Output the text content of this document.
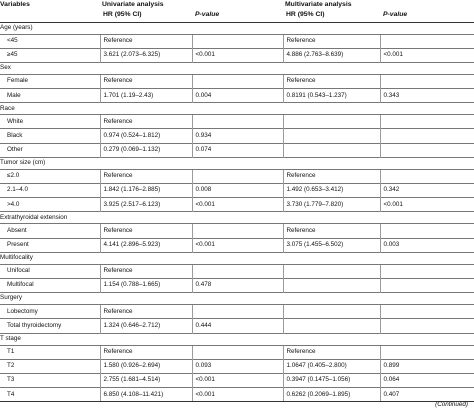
Variables	Univariate analysis		Multivariate analysis	
	HR (95% CI)	P-value	HR (95% CI)	P-value
Age (years)				
<45	Reference		Reference	
≥45	3.621 (2.073–6.325)	<0.001	4.886 (2.763–8.639)	<0.001
Sex				
Female	Reference		Reference	
Male	1.701 (1.19–2.43)	0.004	0.8191 (0.543–1.237)	0.343
Race				
White	Reference			
Black	0.974 (0.524–1.812)	0.934		
Other	0.279 (0.069–1.132)	0.074		
Tumor size (cm)				
≤2.0	Reference		Reference	
2.1–4.0	1.842 (1.176–2.885)	0.008	1.492 (0.653–3.412)	0.342
>4.0	3.925 (2.517–6.123)	<0.001	3.730 (1.779–7.820)	<0.001
Extrathyroidal extension				
Absent	Reference		Reference	
Present	4.141 (2.896–5.923)	<0.001	3.075 (1.455–6.502)	0.003
Multifocality				
Unifocal	Reference			
Multifocal	1.154 (0.788–1.665)	0.478		
Surgery				
Lobectomy	Reference			
Total thyroidectomy	1.324 (0.646–2.712)	0.444		
T stage				
T1	Reference		Reference	
T2	1.580 (0.926–2.694)	0.093	1.0647 (0.405–2.800)	0.899
T3	2.755 (1.681–4.514)	<0.001	0.3947 (0.1475–1.056)	0.064
T4	6.850 (4.108–11.421)	<0.001	0.6262 (0.2069–1.895)	0.407
(Continued)
